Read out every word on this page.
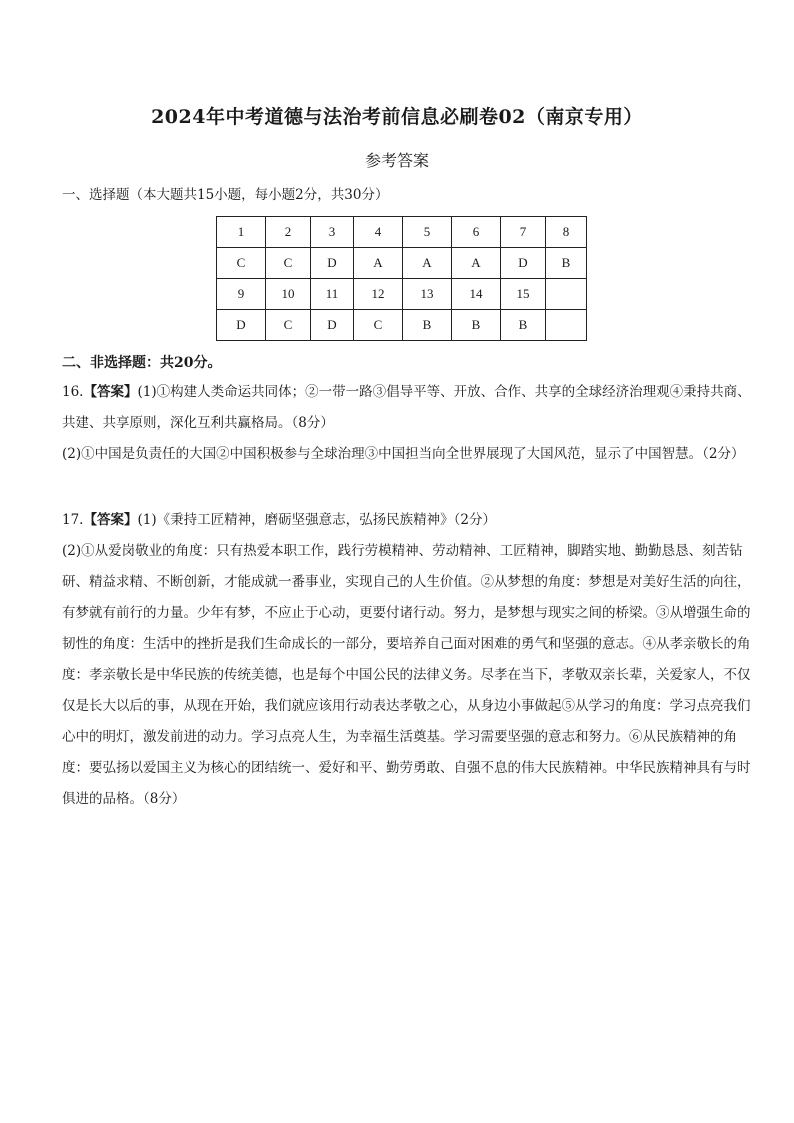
2024年中考道德与法治考前信息必刷卷02（南京专用）
参考答案
一、选择题（本大题共15小题，每小题2分，共30分）
1	2	3	4	5	6	7	8
C	C	D	A	A	A	D	B
9	10	11	12	13	14	15	
D	C	D	C	B	B	B	
二、非选择题：共20分。

16.【答案】(1)①构建人类命运共同体；②一带一路③倡导平等、开放、合作、共享的全球经济治理观④秉持共商、共建、共享原则，深化互利共赢格局。（8分）

(2)①中国是负责任的大国②中国积极参与全球治理③中国担当向全世界展现了大国风范，显示了中国智慧。（2分）

17.【答案】(1)《秉持工匠精神，磨砺坚强意志，弘扬民族精神》（2分）

(2)①从爱岗敬业的角度：只有热爱本职工作，践行劳模精神、劳动精神、工匠精神，脚踏实地、勤勤恳恳、刻苦钻研、精益求精、不断创新，才能成就一番事业，实现自己的人生价值。②从梦想的角度：梦想是对美好生活的向往，有梦就有前行的力量。少年有梦，不应止于心动，更要付诸行动。努力，是梦想与现实之间的桥梁。③从增强生命的韧性的角度：生活中的挫折是我们生命成长的一部分，要培养自己面对困难的勇气和坚强的意志。④从孝亲敬长的角度：孝亲敬长是中华民族的传统美德，也是每个中国公民的法律义务。尽孝在当下，孝敬双亲长辈，关爱家人，不仅仅是长大以后的事，从现在开始，我们就应该用行动表达孝敬之心，从身边小事做起⑤从学习的角度：学习点亮我们心中的明灯，激发前进的动力。学习点亮人生，为幸福生活奠基。学习需要坚强的意志和努力。⑥从民族精神的角度：要弘扬以爱国主义为核心的团结统一、爱好和平、勤劳勇敢、自强不息的伟大民族精神。中华民族精神具有与时俱进的品格。（8分）
